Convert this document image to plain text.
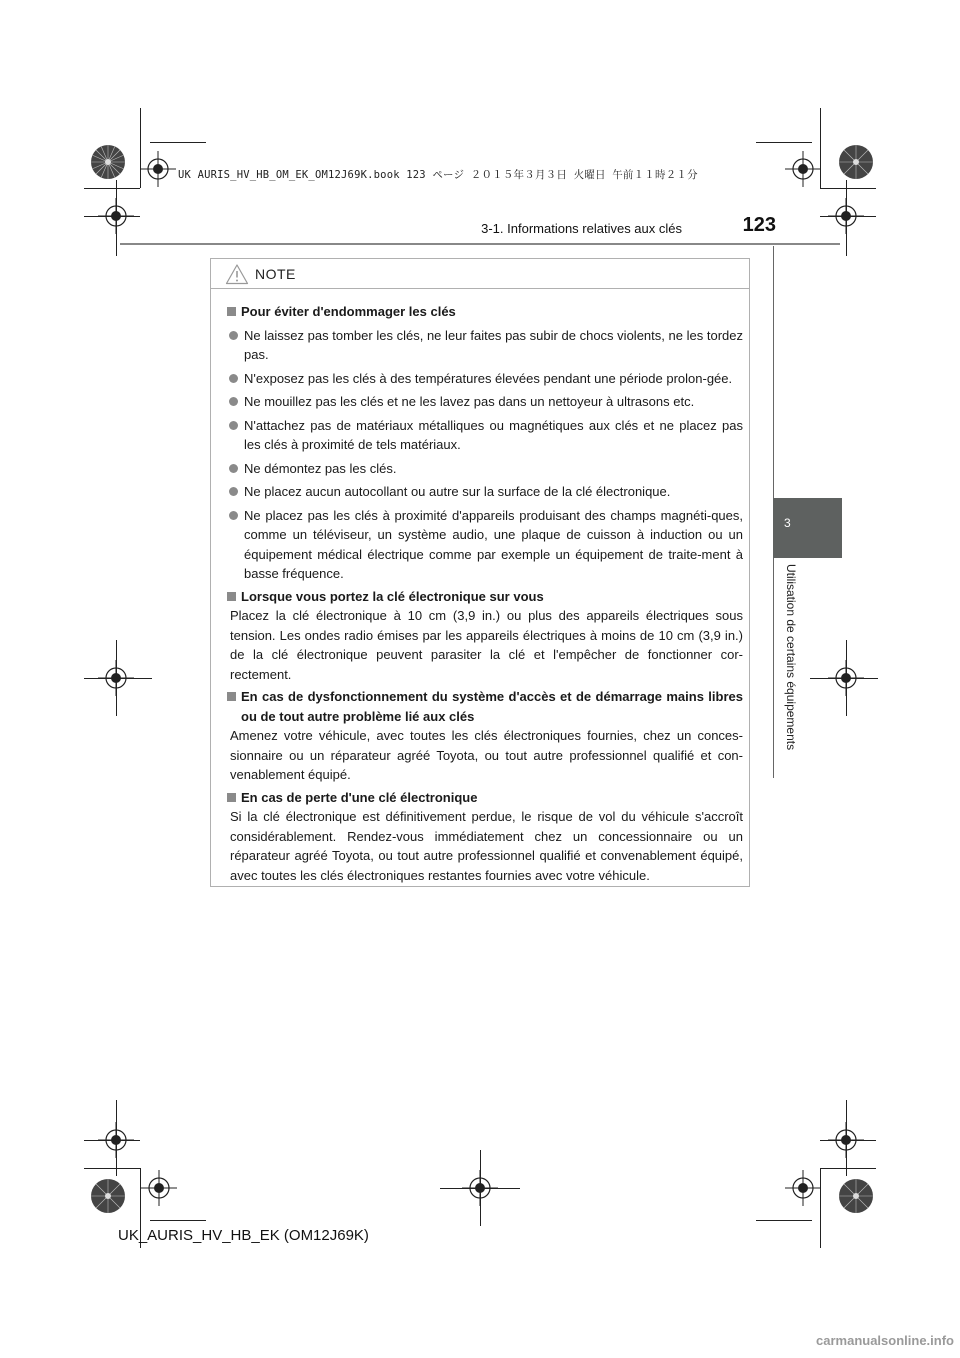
UK AURIS_HV_HB_OM_EK_OM12J69K.book 123 ページ ２０１５年３月３日 火曜日 午前１１時２１分
3-1. Informations relatives aux clés	123
3
Utilisation de certains équipements
NOTE
Pour éviter d'endommager les clés
Ne laissez pas tomber les clés, ne leur faites pas subir de chocs violents, ne les tordez pas.
N'exposez pas les clés à des températures élevées pendant une période prolon-gée.
Ne mouillez pas les clés et ne les lavez pas dans un nettoyeur à ultrasons etc.
N'attachez pas de matériaux métalliques ou magnétiques aux clés et ne placez pas les clés à proximité de tels matériaux.
Ne démontez pas les clés.
Ne placez aucun autocollant ou autre sur la surface de la clé électronique.
Ne placez pas les clés à proximité d'appareils produisant des champs magnéti-ques, comme un téléviseur, un système audio, une plaque de cuisson à induction ou un équipement médical électrique comme par exemple un équipement de traite-ment à basse fréquence.
Lorsque vous portez la clé électronique sur vous
Placez la clé électronique à 10 cm (3,9 in.) ou plus des appareils électriques sous tension. Les ondes radio émises par les appareils électriques à moins de 10 cm (3,9 in.) de la clé électronique peuvent parasiter la clé et l'empêcher de fonctionner cor-rectement.
En cas de dysfonctionnement du système d'accès et de démarrage mains libres ou de tout autre problème lié aux clés
Amenez votre véhicule, avec toutes les clés électroniques fournies, chez un conces-sionnaire ou un réparateur agréé Toyota, ou tout autre professionnel qualifié et con-venablement équipé.
En cas de perte d'une clé électronique
Si la clé électronique est définitivement perdue, le risque de vol du véhicule s'accroît considérablement. Rendez-vous immédiatement chez un concessionnaire ou un réparateur agréé Toyota, ou tout autre professionnel qualifié et convenablement équipé, avec toutes les clés électroniques restantes fournies avec votre véhicule.
UK_AURIS_HV_HB_EK (OM12J69K)
carmanualsonline.info
